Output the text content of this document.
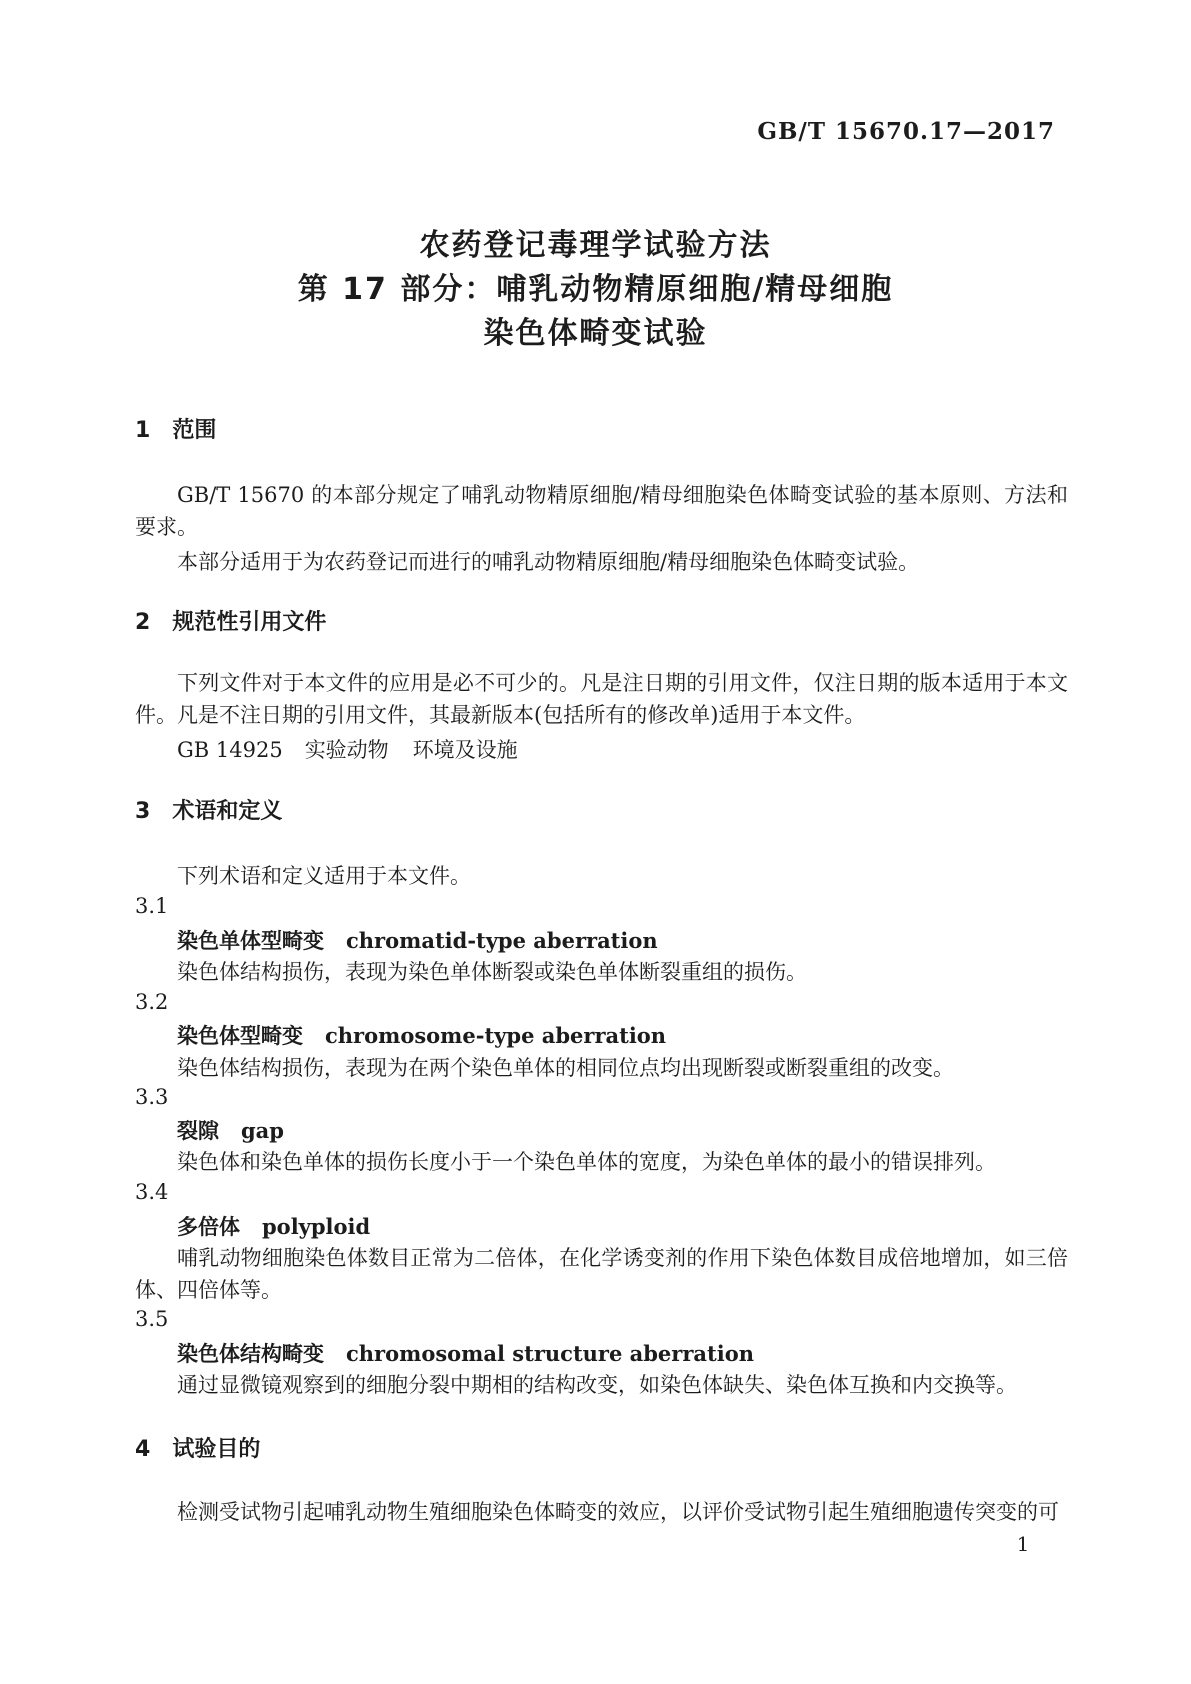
GB/T 15670.17—2017
农药登记毒理学试验方法
第 17 部分：哺乳动物精原细胞/精母细胞
染色体畸变试验
1 范围
GB/T 15670 的本部分规定了哺乳动物精原细胞/精母细胞染色体畸变试验的基本原则、方法和要求。
本部分适用于为农药登记而进行的哺乳动物精原细胞/精母细胞染色体畸变试验。
2 规范性引用文件
下列文件对于本文件的应用是必不可少的。凡是注日期的引用文件，仅注日期的版本适用于本文件。凡是不注日期的引用文件，其最新版本(包括所有的修改单)适用于本文件。
GB 14925 实验动物 环境及设施
3 术语和定义
下列术语和定义适用于本文件。
3.1
染色单体型畸变 chromatid-type aberration
染色体结构损伤，表现为染色单体断裂或染色单体断裂重组的损伤。
3.2
染色体型畸变 chromosome-type aberration
染色体结构损伤，表现为在两个染色单体的相同位点均出现断裂或断裂重组的改变。
3.3
裂隙 gap
染色体和染色单体的损伤长度小于一个染色单体的宽度，为染色单体的最小的错误排列。
3.4
多倍体 polyploid
哺乳动物细胞染色体数目正常为二倍体，在化学诱变剂的作用下染色体数目成倍地增加，如三倍体、四倍体等。
3.5
染色体结构畸变 chromosomal structure aberration
通过显微镜观察到的细胞分裂中期相的结构改变，如染色体缺失、染色体互换和内交换等。
4 试验目的
检测受试物引起哺乳动物生殖细胞染色体畸变的效应，以评价受试物引起生殖细胞遗传突变的可
1
